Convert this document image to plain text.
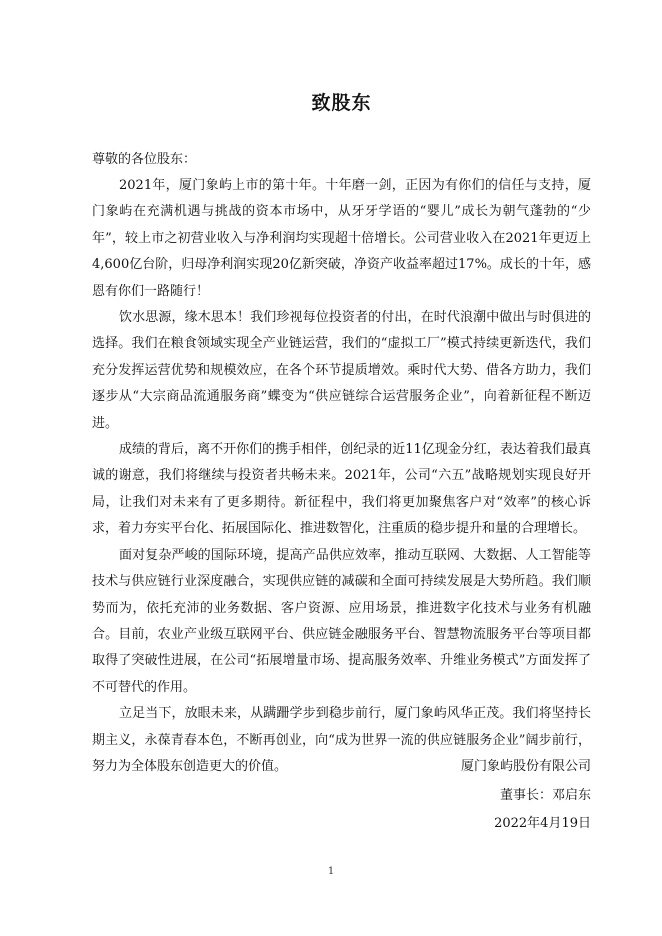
致股东
尊敬的各位股东：

2021年，厦门象屿上市的第十年。十年磨一剑，正因为有你们的信任与支持，厦门象屿在充满机遇与挑战的资本市场中，从牙牙学语的“婴儿”成长为朝气蓬勃的“少年”，较上市之初营业收入与净利润均实现超十倍增长。公司营业收入在2021年更迈上4,600亿台阶，归母净利润实现20亿新突破，净资产收益率超过17%。成长的十年，感恩有你们一路随行！

饮水思源，缘木思本！我们珍视每位投资者的付出，在时代浪潮中做出与时俱进的选择。我们在粮食领域实现全产业链运营，我们的“虚拟工厂”模式持续更新迭代，我们充分发挥运营优势和规模效应，在各个环节提质增效。乘时代大势、借各方助力，我们逐步从“大宗商品流通服务商”蝶变为“供应链综合运营服务企业”，向着新征程不断迈进。

成绩的背后，离不开你们的携手相伴，创纪录的近11亿现金分红，表达着我们最真诚的谢意，我们将继续与投资者共畅未来。2021年，公司“六五”战略规划实现良好开局，让我们对未来有了更多期待。新征程中，我们将更加聚焦客户对“效率”的核心诉求，着力夯实平台化、拓展国际化、推进数智化，注重质的稳步提升和量的合理增长。

面对复杂严峻的国际环境，提高产品供应效率，推动互联网、大数据、人工智能等技术与供应链行业深度融合，实现供应链的减碳和全面可持续发展是大势所趋。我们顺势而为，依托充沛的业务数据、客户资源、应用场景，推进数字化技术与业务有机融合。目前，农业产业级互联网平台、供应链金融服务平台、智慧物流服务平台等项目都取得了突破性进展，在公司“拓展增量市场、提高服务效率、升维业务模式”方面发挥了不可替代的作用。

立足当下，放眼未来，从蹒跚学步到稳步前行，厦门象屿风华正茂。我们将坚持长期主义，永葆青春本色，不断再创业，向“成为世界一流的供应链服务企业”阔步前行，努力为全体股东创造更大的价值。	厦门象屿股份有限公司
董事长：邓启东
2022年4月19日
1
